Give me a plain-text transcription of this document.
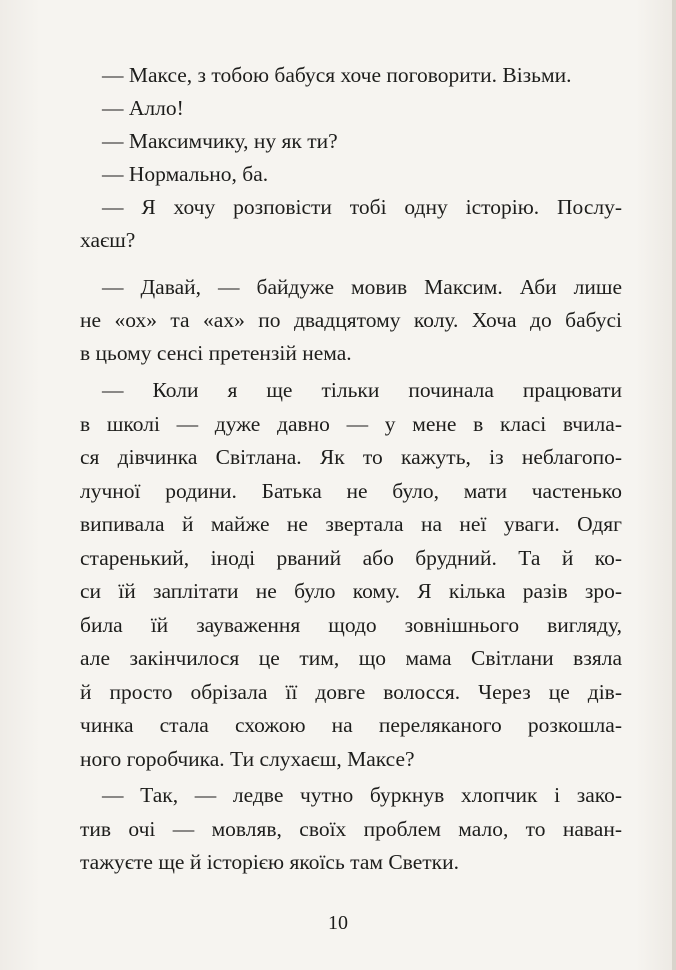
— Максе, з тобою бабуся хоче поговорити. Візьми.
— Алло!
— Максимчику, ну як ти?
— Нормально, ба.
— Я хочу розповісти тобі одну історію. Послу-
хаєш?
— Давай, — байдуже мовив Максим. Аби лише
не «ох» та «ах» по двадцятому колу. Хоча до бабусі
в цьому сенсі претензій нема.
— Коли я ще тільки починала працювати
в школі — дуже давно — у мене в класі вчила-
ся дівчинка Світлана. Як то кажуть, із неблагопо-
лучної родини. Батька не було, мати частенько
випивала й майже не звертала на неї уваги. Одяг
старенький, іноді рваний або брудний. Та й ко-
си їй заплітати не було кому. Я кілька разів зро-
била їй зауваження щодо зовнішнього вигляду,
але закінчилося це тим, що мама Світлани взяла
й просто обрізала її довге волосся. Через це дів-
чинка стала схожою на переляканого розкошла-
ного горобчика. Ти слухаєш, Максе?
— Так, — ледве чутно буркнув хлопчик і зако-
тив очі — мовляв, своїх проблем мало, то наван-
тажуєте ще й історією якоїсь там Светки.
10
